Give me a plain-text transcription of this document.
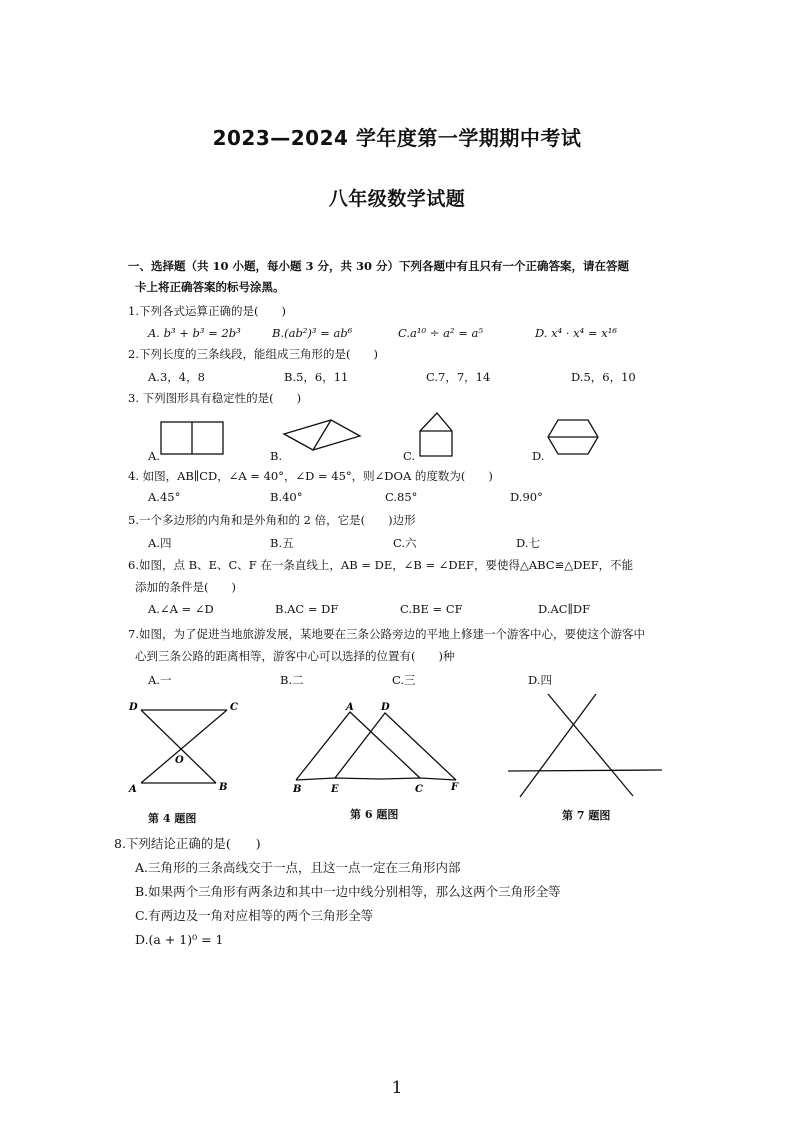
2023—2024 学年度第一学期期中考试
八年级数学试题
一、选择题（共 10 小题，每小题 3 分，共 30 分）下列各题中有且只有一个正确答案，请在答题
卡上将正确答案的标号涂黑。
1.下列各式运算正确的是(　　)
A. b³ + b³ = 2b³	B.(ab²)³ = ab⁶	C.a¹⁰ ÷ a² = a⁵	D. x⁴ · x⁴ = x¹⁶
2.下列长度的三条线段，能组成三角形的是(　　)
A.3，4，8	B.5，6，11	C.7，7，14	D.5，6，10
3. 下列图形具有稳定性的是(　　)
A.	B.	C.	D.
4. 如图，AB∥CD，∠A = 40°，∠D = 45°，则∠DOA 的度数为(　　)
A.45°	B.40°	C.85°	D.90°
5.一个多边形的内角和是外角和的 2 倍，它是(　　)边形
A.四	B.五	C.六	D.七
6.如图，点 B、E、C、F 在一条直线上，AB = DE，∠B = ∠DEF，要使得△ABC≌△DEF，不能
添加的条件是(　　)
A.∠A = ∠D	B.AC = DF	C.BE = CF	D.AC∥DF
7.如图，为了促进当地旅游发展，某地要在三条公路旁边的平地上修建一个游客中心，要使这个游客中
心到三条公路的距离相等，游客中心可以选择的位置有(　　)种
A.一	B.二	C.三	D.四
D	C
O
A	B
A	D
B	E	C	F
第 4 题图	第 6 题图	第 7 题图
8.下列结论正确的是(　　)
A.三角形的三条高线交于一点，且这一点一定在三角形内部
B.如果两个三角形有两条边和其中一边中线分别相等，那么这两个三角形全等
C.有两边及一角对应相等的两个三角形全等
D.(a + 1)⁰ = 1
1
